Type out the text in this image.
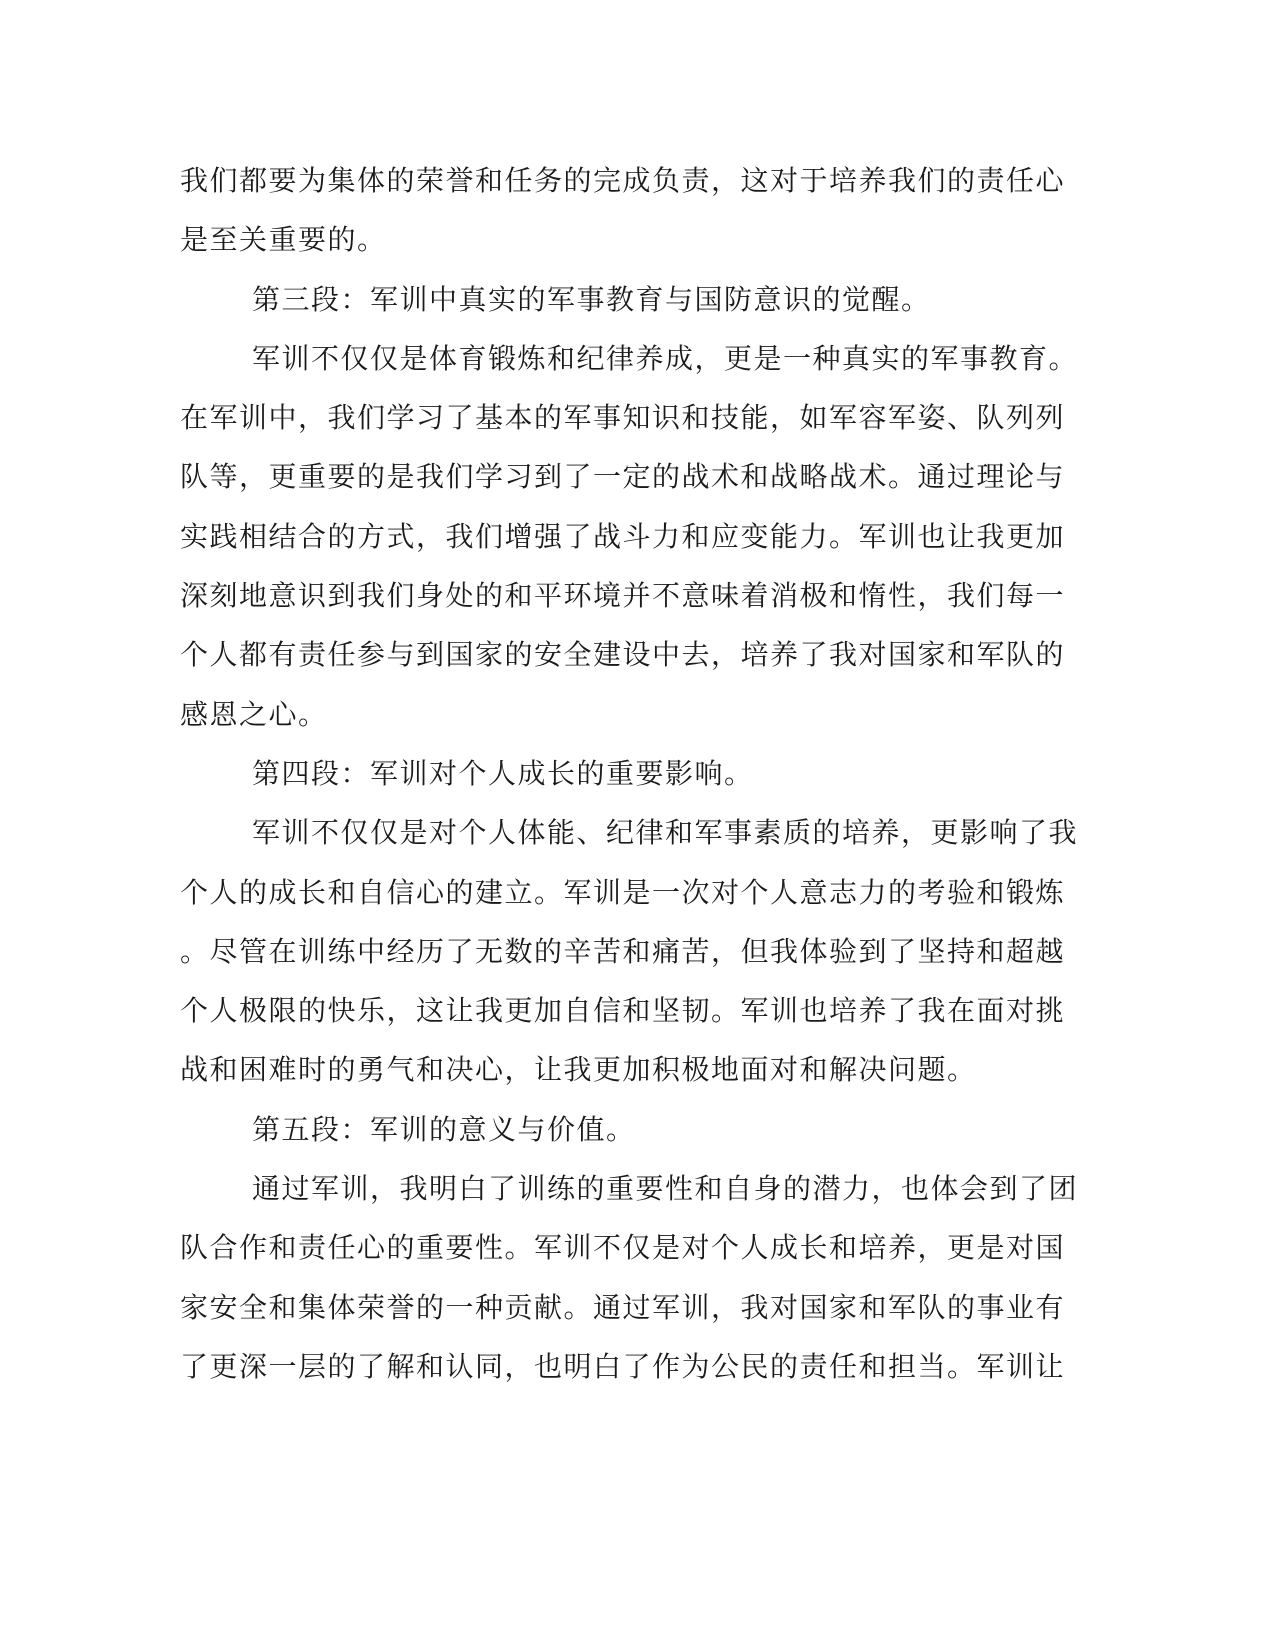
我们都要为集体的荣誉和任务的完成负责，这对于培养我们的责任心
是至关重要的。
第三段：军训中真实的军事教育与国防意识的觉醒。
军训不仅仅是体育锻炼和纪律养成，更是一种真实的军事教育。
在军训中，我们学习了基本的军事知识和技能，如军容军姿、队列列
队等，更重要的是我们学习到了一定的战术和战略战术。通过理论与
实践相结合的方式，我们增强了战斗力和应变能力。军训也让我更加
深刻地意识到我们身处的和平环境并不意味着消极和惰性，我们每一
个人都有责任参与到国家的安全建设中去，培养了我对国家和军队的
感恩之心。
第四段：军训对个人成长的重要影响。
军训不仅仅是对个人体能、纪律和军事素质的培养，更影响了我
个人的成长和自信心的建立。军训是一次对个人意志力的考验和锻炼
。尽管在训练中经历了无数的辛苦和痛苦，但我体验到了坚持和超越
个人极限的快乐，这让我更加自信和坚韧。军训也培养了我在面对挑
战和困难时的勇气和决心，让我更加积极地面对和解决问题。
第五段：军训的意义与价值。
通过军训，我明白了训练的重要性和自身的潜力，也体会到了团
队合作和责任心的重要性。军训不仅是对个人成长和培养，更是对国
家安全和集体荣誉的一种贡献。通过军训，我对国家和军队的事业有
了更深一层的了解和认同，也明白了作为公民的责任和担当。军训让
